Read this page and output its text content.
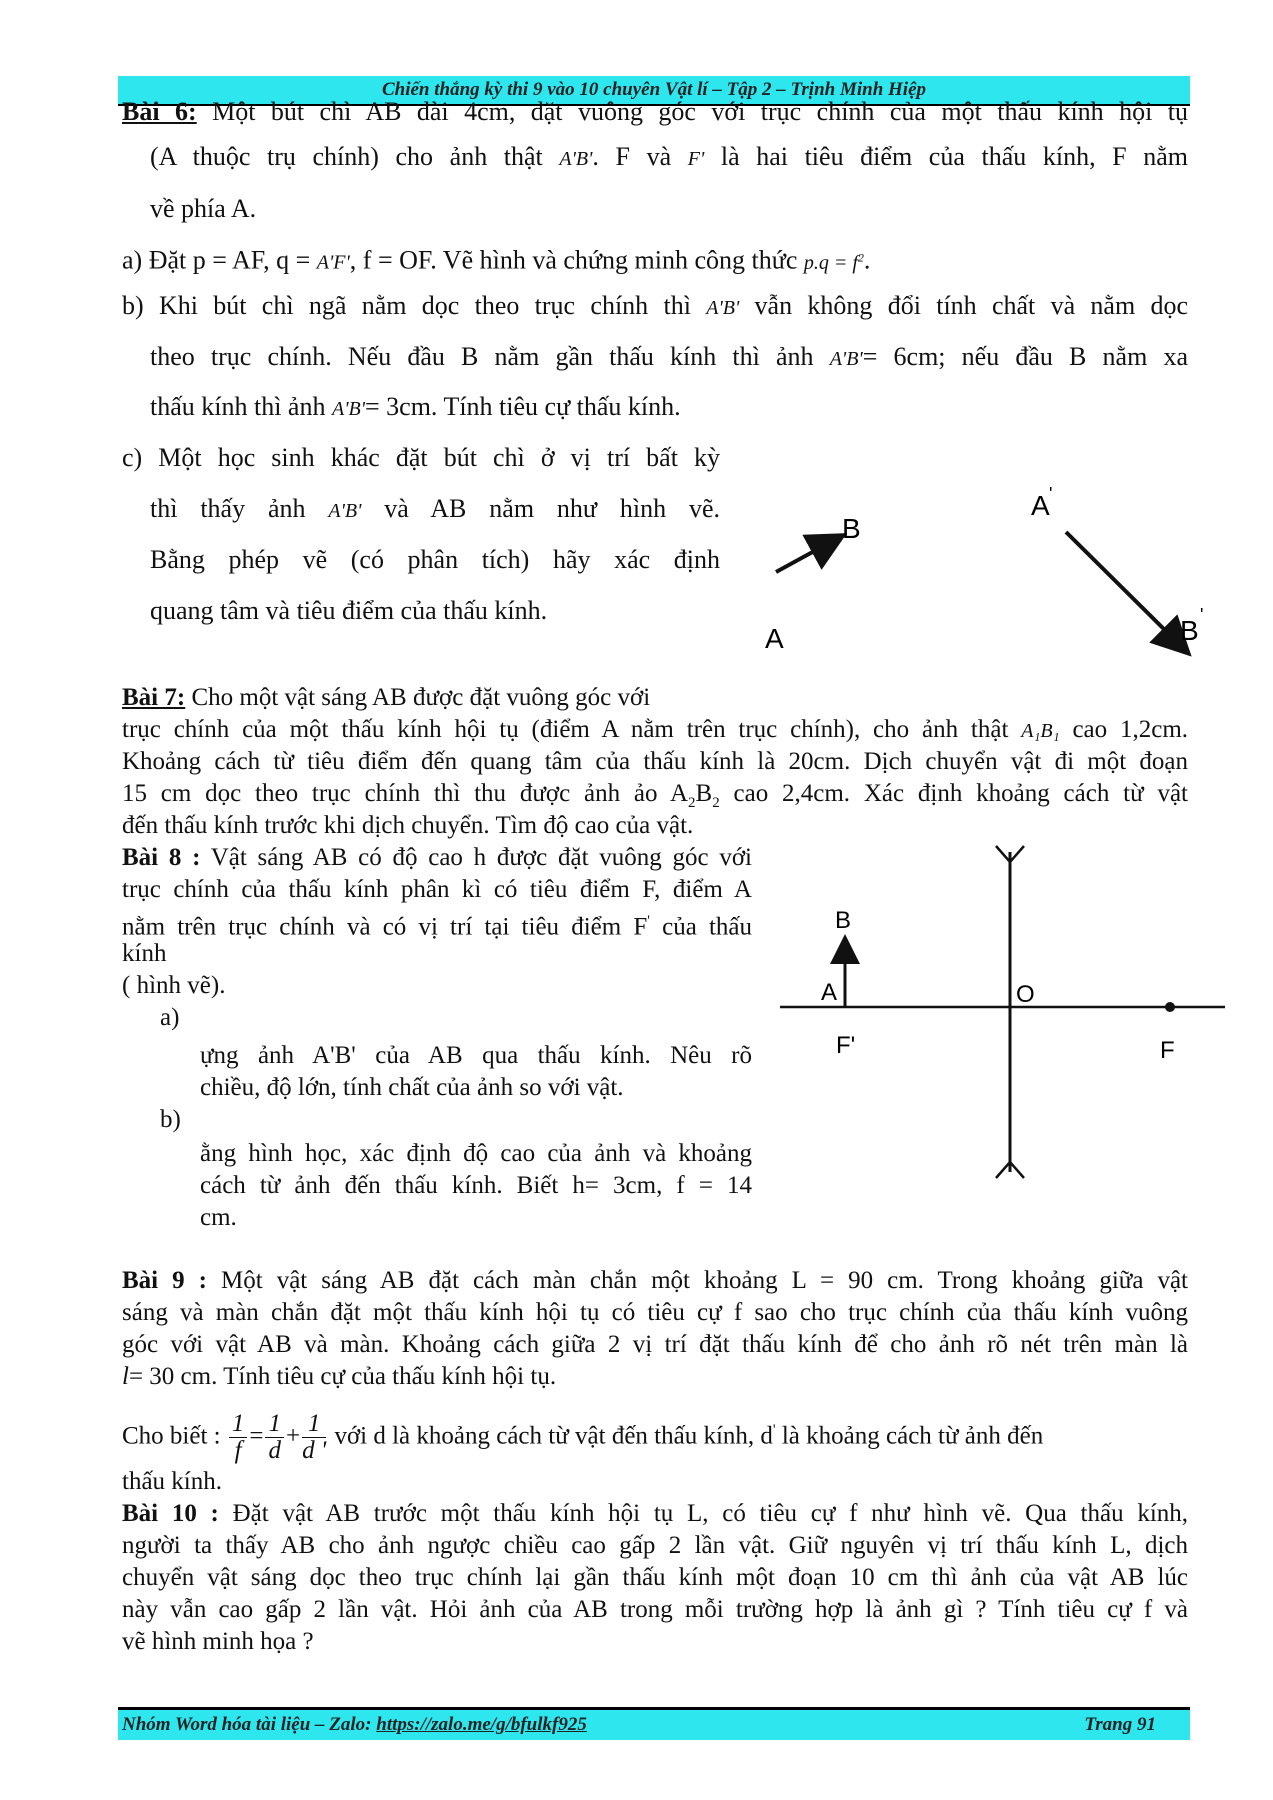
Chiến thắng kỳ thi 9 vào 10 chuyên Vật lí – Tập 2 – Trịnh Minh Hiệp
Bài 6: Một bút chì AB dài 4cm, đặt vuông góc với trục chính của một thấu kính hội tụ
(A thuộc trụ chính) cho ảnh thật A'B'. F và F' là hai tiêu điểm của thấu kính, F nằm
về phía A.
a) Đặt p = AF, q = A'F', f = OF. Vẽ hình và chứng minh công thức $p.q = f^2$.
b) Khi bút chì ngã nằm dọc theo trục chính thì A'B' vẫn không đổi tính chất và nằm dọc
theo trục chính. Nếu đầu B nằm gần thấu kính thì ảnh A'B'= 6cm; nếu đầu B nằm xa
thấu kính thì ảnh A'B'= 3cm. Tính tiêu cự thấu kính.
c) Một học sinh khác đặt bút chì ở vị trí bất kỳ
thì thấy ảnh A'B' và AB nằm như hình vẽ.
Bằng phép vẽ (có phân tích) hãy xác định
quang tâm và tiêu điểm của thấu kính.
A
B
A '
B '
Bài 7: Cho một vật sáng AB được đặt vuông góc với
trục chính của một thấu kính hội tụ (điểm A nằm trên trục chính), cho ảnh thật A₁B₁ cao 1,2cm.
Khoảng cách từ tiêu điểm đến quang tâm của thấu kính là 20cm. Dịch chuyển vật đi một đoạn
15 cm dọc theo trục chính thì thu được ảnh ảo $A_2B_2$ cao 2,4cm. Xác định khoảng cách từ vật
đến thấu kính trước khi dịch chuyển. Tìm độ cao của vật.
Bài 8 : Vật sáng AB có độ cao h được đặt vuông góc với
trục chính của thấu kính phân kì có tiêu điểm F, điểm A
nằm trên trục chính và có vị trí tại tiêu điểm F' của thấu
kính
( hình vẽ).
a)
ựng ảnh A'B' của AB qua thấu kính. Nêu rõ
chiều, độ lớn, tính chất của ảnh so với vật.
b)
ằng hình học, xác định độ cao của ảnh và khoảng
cách từ ảnh đến thấu kính. Biết h= 3cm, f = 14
cm.
B
A	O
F'	F
Bài 9 : Một vật sáng AB đặt cách màn chắn một khoảng L = 90 cm. Trong khoảng giữa vật
sáng và màn chắn đặt một thấu kính hội tụ có tiêu cự f sao cho trục chính của thấu kính vuông
góc với vật AB và màn. Khoảng cách giữa 2 vị trí đặt thấu kính để cho ảnh rõ nét trên màn là
l= 30 cm. Tính tiêu cự của thấu kính hội tụ.
Cho biết : $\frac{1}{f} = \frac{1}{d} + \frac{1}{d '}$ với d là khoảng cách từ vật đến thấu kính, d' là khoảng cách từ ảnh đến
thấu kính.
Bài 10 : Đặt vật AB trước một thấu kính hội tụ L, có tiêu cự f như hình vẽ. Qua thấu kính,
người ta thấy AB cho ảnh ngược chiều cao gấp 2 lần vật. Giữ nguyên vị trí thấu kính L, dịch
chuyển vật sáng dọc theo trục chính lại gần thấu kính một đoạn 10 cm thì ảnh của vật AB lúc
này vẫn cao gấp 2 lần vật. Hỏi ảnh của AB trong mỗi trường hợp là ảnh gì ? Tính tiêu cự f và
vẽ hình minh họa ?
Nhóm Word hóa tài liệu – Zalo: https://zalo.me/g/bfulkf925	Trang 91
